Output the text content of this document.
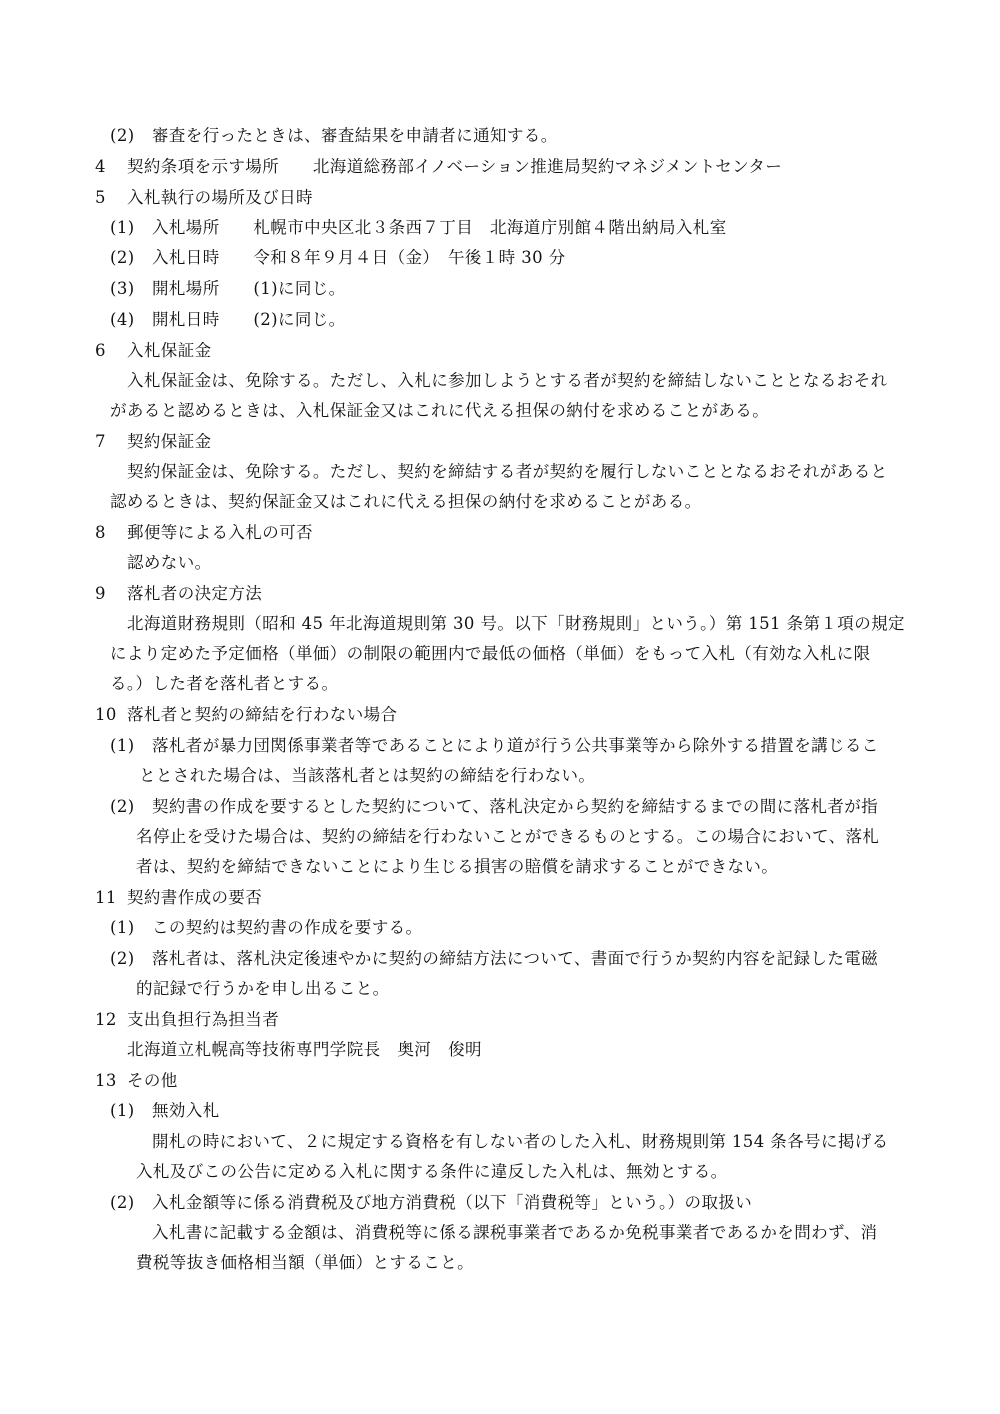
(2) 審査を行ったときは、審査結果を申請者に通知する。
4 契約条項を示す場所　　北海道総務部イノベーション推進局契約マネジメントセンター
5 入札執行の場所及び日時
(1) 入札場所　　札幌市中央区北３条西７丁目　北海道庁別館４階出納局入札室
(2) 入札日時　　令和８年９月４日（金）　午後１時 30 分
(3) 開札場所　　(1)に同じ。
(4) 開札日時　　(2)に同じ。
6 入札保証金
入札保証金は、免除する。ただし、入札に参加しようとする者が契約を締結しないこととなるおそれ
があると認めるときは、入札保証金又はこれに代える担保の納付を求めることがある。
7 契約保証金
契約保証金は、免除する。ただし、契約を締結する者が契約を履行しないこととなるおそれがあると
認めるときは、契約保証金又はこれに代える担保の納付を求めることがある。
8 郵便等による入札の可否
認めない。
9 落札者の決定方法
北海道財務規則（昭和 45 年北海道規則第 30 号。以下「財務規則」という。）第 151 条第１項の規定
により定めた予定価格（単価）の制限の範囲内で最低の価格（単価）をもって入札（有効な入札に限
る。）した者を落札者とする。
10 落札者と契約の締結を行わない場合
(1) 落札者が暴力団関係事業者等であることにより道が行う公共事業等から除外する措置を講じるこ
ととされた場合は、当該落札者とは契約の締結を行わない。
(2) 契約書の作成を要するとした契約について、落札決定から契約を締結するまでの間に落札者が指
名停止を受けた場合は、契約の締結を行わないことができるものとする。この場合において、落札
者は、契約を締結できないことにより生じる損害の賠償を請求することができない。
11 契約書作成の要否
(1) この契約は契約書の作成を要する。
(2) 落札者は、落札決定後速やかに契約の締結方法について、書面で行うか契約内容を記録した電磁
的記録で行うかを申し出ること。
12 支出負担行為担当者
北海道立札幌高等技術専門学院長　奥河　俊明
13 その他
(1) 無効入札
開札の時において、２に規定する資格を有しない者のした入札、財務規則第 154 条各号に掲げる
入札及びこの公告に定める入札に関する条件に違反した入札は、無効とする。
(2) 入札金額等に係る消費税及び地方消費税（以下「消費税等」という。）の取扱い
入札書に記載する金額は、消費税等に係る課税事業者であるか免税事業者であるかを問わず、消
費税等抜き価格相当額（単価）とすること。
